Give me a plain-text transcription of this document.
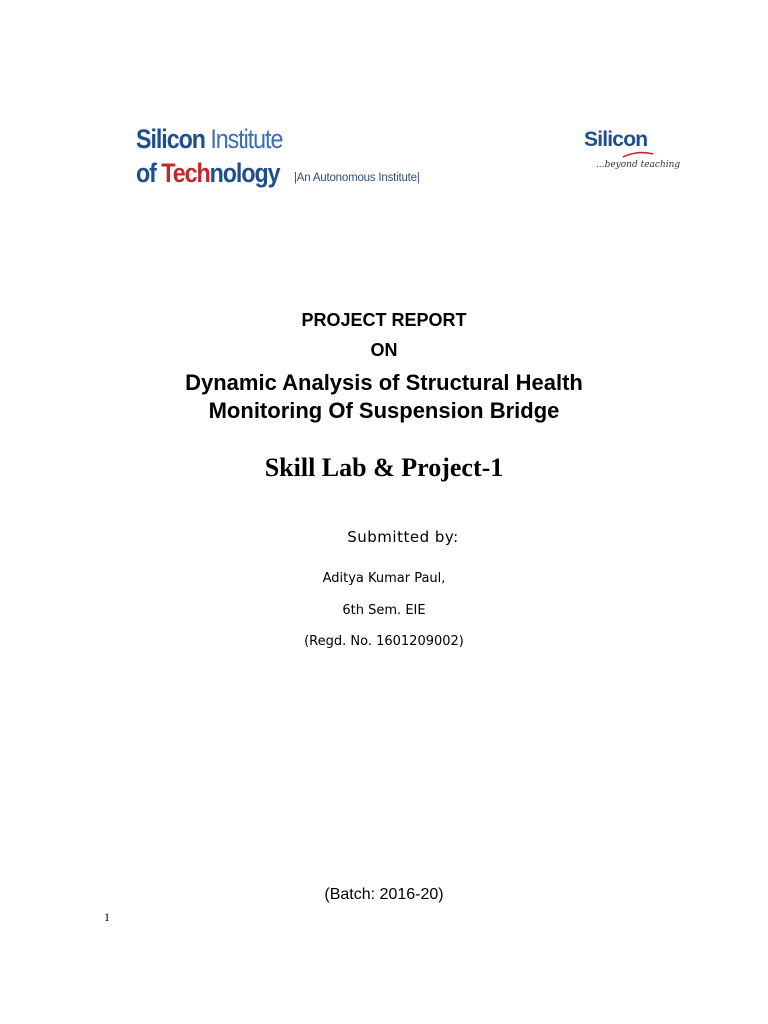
Silicon Institute
of Technology |An Autonomous Institute|
Silicon
...beyond teaching
PROJECT REPORT
ON
Dynamic Analysis of Structural Health
Monitoring Of Suspension Bridge
Skill Lab & Project-1
Submitted by:
Aditya Kumar Paul,
6th Sem. EIE
(Regd. No. 1601209002)
(Batch: 2016-20)
1
